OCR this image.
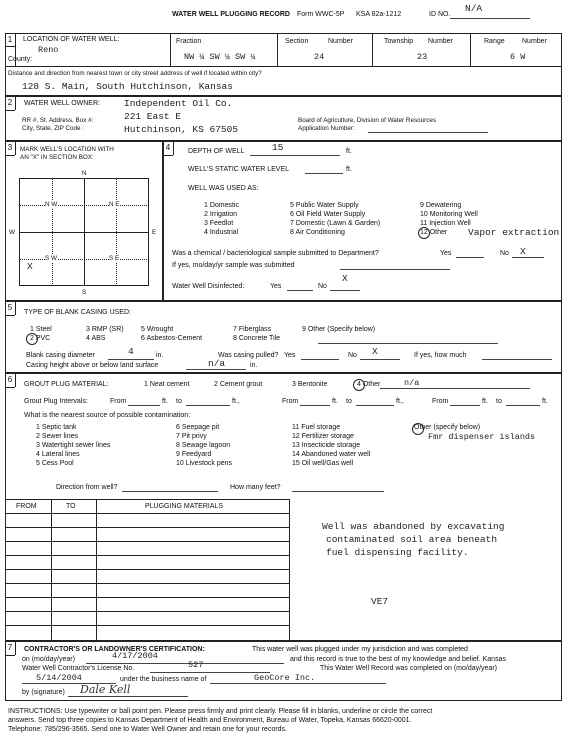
WATER WELL PLUGGING RECORD Form WWC-5P KSA 82a-1212	ID NO.
N/A
1 LOCATION OF WATER WELL:
Reno
County:
Fraction
NW ¼ SW ¼ SW ¼
Section	Number
24
Township Number
23
Range Number
6 W
Distance and direction from nearest town or city street address of well if located within city?
128 S. Main, South Hutchinson, Kansas
2 WATER WELL OWNER:	Independent Oil Co.
RR #, St. Address, Box #:
City, State, ZIP Code :
221 East E
Hutchinson, KS 67505
Board of Agriculture, Division of Water Resources
Application Number:
3 MARK WELL'S LOCATION WITH
AN "X" IN SECTION BOX:
N
S
E
W
N W	N E
S W	S E
X
4	DEPTH OF WELL	15	ft.
WELL'S STATIC WATER LEVEL	ft.
WELL WAS USED AS:
1 Domestic
2 Irrigation
3 Feedlot
4 Industrial
5 Public Water Supply
6 Oil Field Water Supply
7 Domestic (Lawn & Garden)
8 Air Conditioning
9 Dewatering
10 Monitoring Well
11 Injection Well
12 Other Vapor extraction
Was a chemical / bacteriological sample submitted to Department?	Yes	No X
If yes, mo/day/yr sample was submitted
X
Water Well Disinfected:	Yes	No
5
TYPE OF BLANK CASING USED:
1 Steel
2 PVC
3 RMP (SR)
4 ABS
5 Wrought
6 Asbestos-Cement
7 Fiberglass
8 Concrete Tile
9 Other (Specify below)
Blank casing diameter	4	in.	Was casing pulled? Yes	No X	If yes, how much
Casing height above or below land surface	n/a	in.
6
GROUT PLUG MATERIAL:	1 Neat cement	2 Cement grout	3 Bentonite	4 Other	n/a
Grout Plug Intervals:	From	ft. to	ft.,	From	ft. to	ft.,	From	ft. to	ft.
What is the nearest source of possible contamination:
1 Septic tank
2 Sewer lines
3 Watertight sewer lines
4 Lateral lines
5 Cess Pool
6 Seepage pit
7 Pit privy
8 Sewage lagoon
9 Feedyard
10 Livestock pens
11 Fuel storage
12 Fertilizer storage
13 Insecticide storage
14 Abandoned water well
15 Oil well/Gas well
Other (specify below)
Fmr dispenser islands
Direction from well?	How many feet?
FROM	TO	PLUGGING MATERIALS
Well was abandoned by excavating
contaminated soil area beneath
fuel dispensing facility.
VE7
7 CONTRACTOR'S OR LANDOWNER'S CERTIFICATION:	This water well was plugged under my jurisdiction and was completed
on (mo/day/year)	4/17/2004	and this record is true to the best of my knowledge and belief. Kansas
Water Well Contractor's License No.	527	This Water Well Record was completed on (mo/day/year)
5/14/2004	under the business name of	GeoCore Inc.
by (signature) Dale Kell
INSTRUCTIONS: Use typewriter or ball point pen. Please press firmly and print clearly. Please fill in blanks, underline or circle the correct
answers. Send top three copies to Kansas Department of Health and Environment, Bureau of Water, Topeka, Kansas 66620-0001.
Telephone: 785/296-3565. Send one to Water Well Owner and retain one for your records.
